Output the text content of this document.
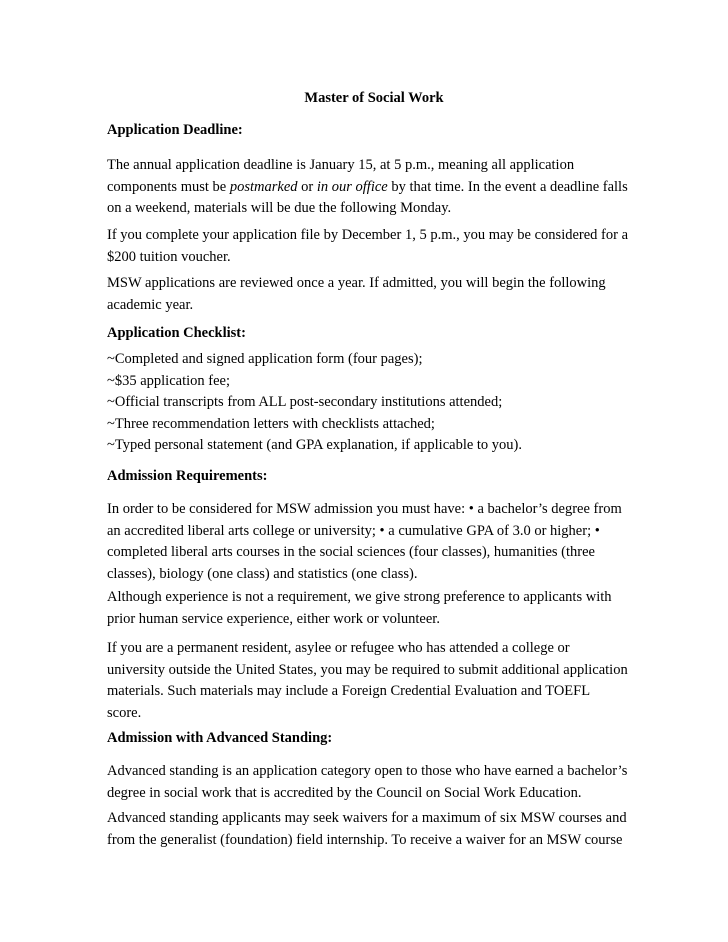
Master of Social Work
Application Deadline:
The annual application deadline is January 15, at 5 p.m., meaning all application
components must be postmarked or in our office by that time. In the event a deadline falls
on a weekend, materials will be due the following Monday.
If you complete your application file by December 1, 5 p.m., you may be considered for a
$200 tuition voucher.
MSW applications are reviewed once a year. If admitted, you will begin the following
academic year.
Application Checklist:
~Completed and signed application form (four pages);
~$35 application fee;
~Official transcripts from ALL post-secondary institutions attended;
~Three recommendation letters with checklists attached;
~Typed personal statement (and GPA explanation, if applicable to you).
Admission Requirements:
In order to be considered for MSW admission you must have: • a bachelor’s degree from
an accredited liberal arts college or university; • a cumulative GPA of 3.0 or higher; •
completed liberal arts courses in the social sciences (four classes), humanities (three
classes), biology (one class) and statistics (one class).
Although experience is not a requirement, we give strong preference to applicants with
prior human service experience, either work or volunteer.
If you are a permanent resident, asylee or refugee who has attended a college or
university outside the United States, you may be required to submit additional application
materials. Such materials may include a Foreign Credential Evaluation and TOEFL
score.
Admission with Advanced Standing:
Advanced standing is an application category open to those who have earned a bachelor’s
degree in social work that is accredited by the Council on Social Work Education.
Advanced standing applicants may seek waivers for a maximum of six MSW courses and
from the generalist (foundation) field internship. To receive a waiver for an MSW course
